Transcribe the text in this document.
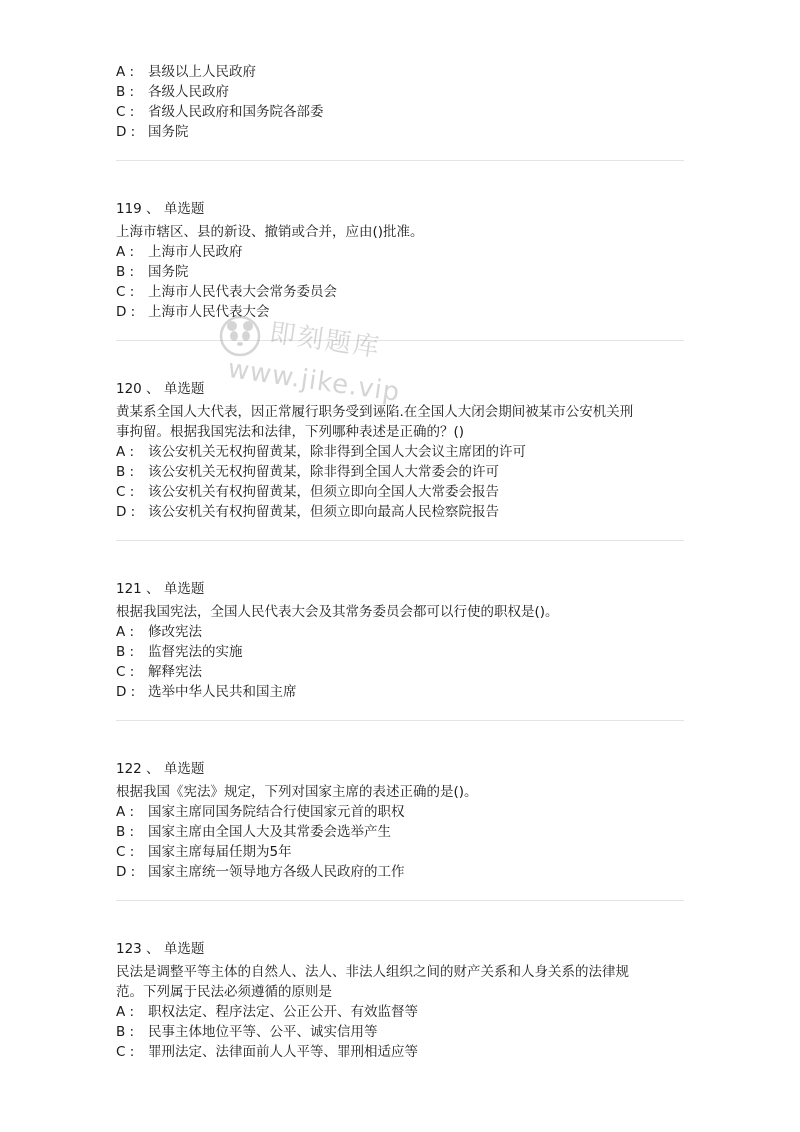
A : 县级以上人民政府
B : 各级人民政府
C : 省级人民政府和国务院各部委
D : 国务院
119 、 单选题
上海市辖区、县的新设、撤销或合并，应由()批准。
A : 上海市人民政府
B : 国务院
C : 上海市人民代表大会常务委员会
D : 上海市人民代表大会
120 、 单选题
黄某系全国人大代表，因正常履行职务受到诬陷.在全国人大闭会期间被某市公安机关刑
事拘留。根据我国宪法和法律，下列哪种表述是正确的？()
A : 该公安机关无权拘留黄某，除非得到全国人大会议主席团的许可
B : 该公安机关无权拘留黄某，除非得到全国人大常委会的许可
C : 该公安机关有权拘留黄某，但须立即向全国人大常委会报告
D : 该公安机关有权拘留黄某，但须立即向最高人民检察院报告
121 、 单选题
根据我国宪法，全国人民代表大会及其常务委员会都可以行使的职权是()。
A : 修改宪法
B : 监督宪法的实施
C : 解释宪法
D : 选举中华人民共和国主席
122 、 单选题
根据我国《宪法》规定，下列对国家主席的表述正确的是()。
A : 国家主席同国务院结合行使国家元首的职权
B : 国家主席由全国人大及其常委会选举产生
C : 国家主席每届任期为5年
D : 国家主席统一领导地方各级人民政府的工作
123 、 单选题
民法是调整平等主体的自然人、法人、非法人组织之间的财产关系和人身关系的法律规
范。下列属于民法必须遵循的原则是
A : 职权法定、程序法定、公正公开、有效监督等
B : 民事主体地位平等、公平、诚实信用等
C : 罪刑法定、法律面前人人平等、罪刑相适应等
即刻题库
www.jike.vip
